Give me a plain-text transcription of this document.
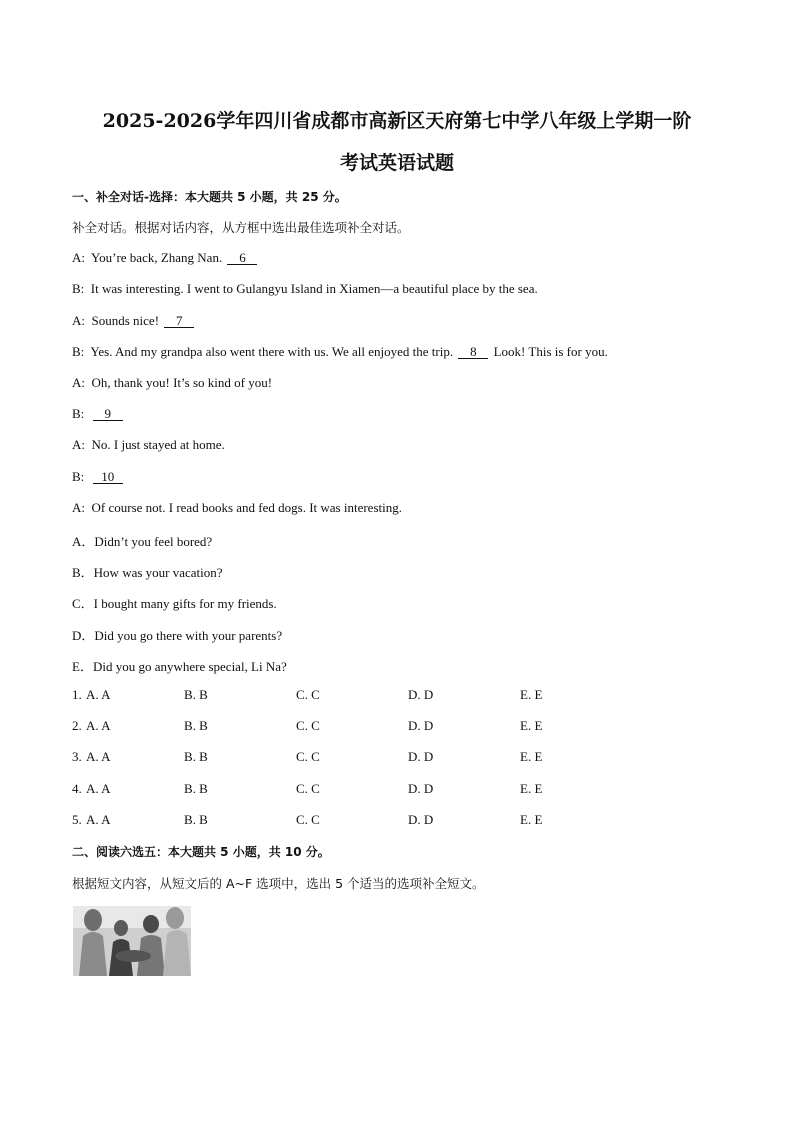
2025-2026学年四川省成都市高新区天府第七中学八年级上学期一阶
考试英语试题
一、补全对话-选择：本大题共 5 小题，共 25 分。
补全对话。根据对话内容，从方框中选出最佳选项补全对话。
A: You’re back, Zhang Nan. 6
B: It was interesting. I went to Gulangyu Island in Xiamen—a beautiful place by the sea.
A: Sounds nice! 7
B: Yes. And my grandpa also went there with us. We all enjoyed the trip. 8 Look! This is for you.
A: Oh, thank you! It’s so kind of you!
B: 9
A: No. I just stayed at home.
B: 10
A: Of course not. I read books and fed dogs. It was interesting.
A．Didn’t you feel bored?
B．How was your vacation?
C．I bought many gifts for my friends.
D．Did you go there with your parents?
E．Did you go anywhere special, Li Na?
1. A. A	B. B	C. C	D. D	E. E
2. A. A	B. B	C. C	D. D	E. E
3. A. A	B. B	C. C	D. D	E. E
4. A. A	B. B	C. C	D. D	E. E
5. A. A	B. B	C. C	D. D	E. E
二、阅读六选五：本大题共 5 小题，共 10 分。
根据短文内容，从短文后的 A~F 选项中，选出 5 个适当的选项补全短文。
